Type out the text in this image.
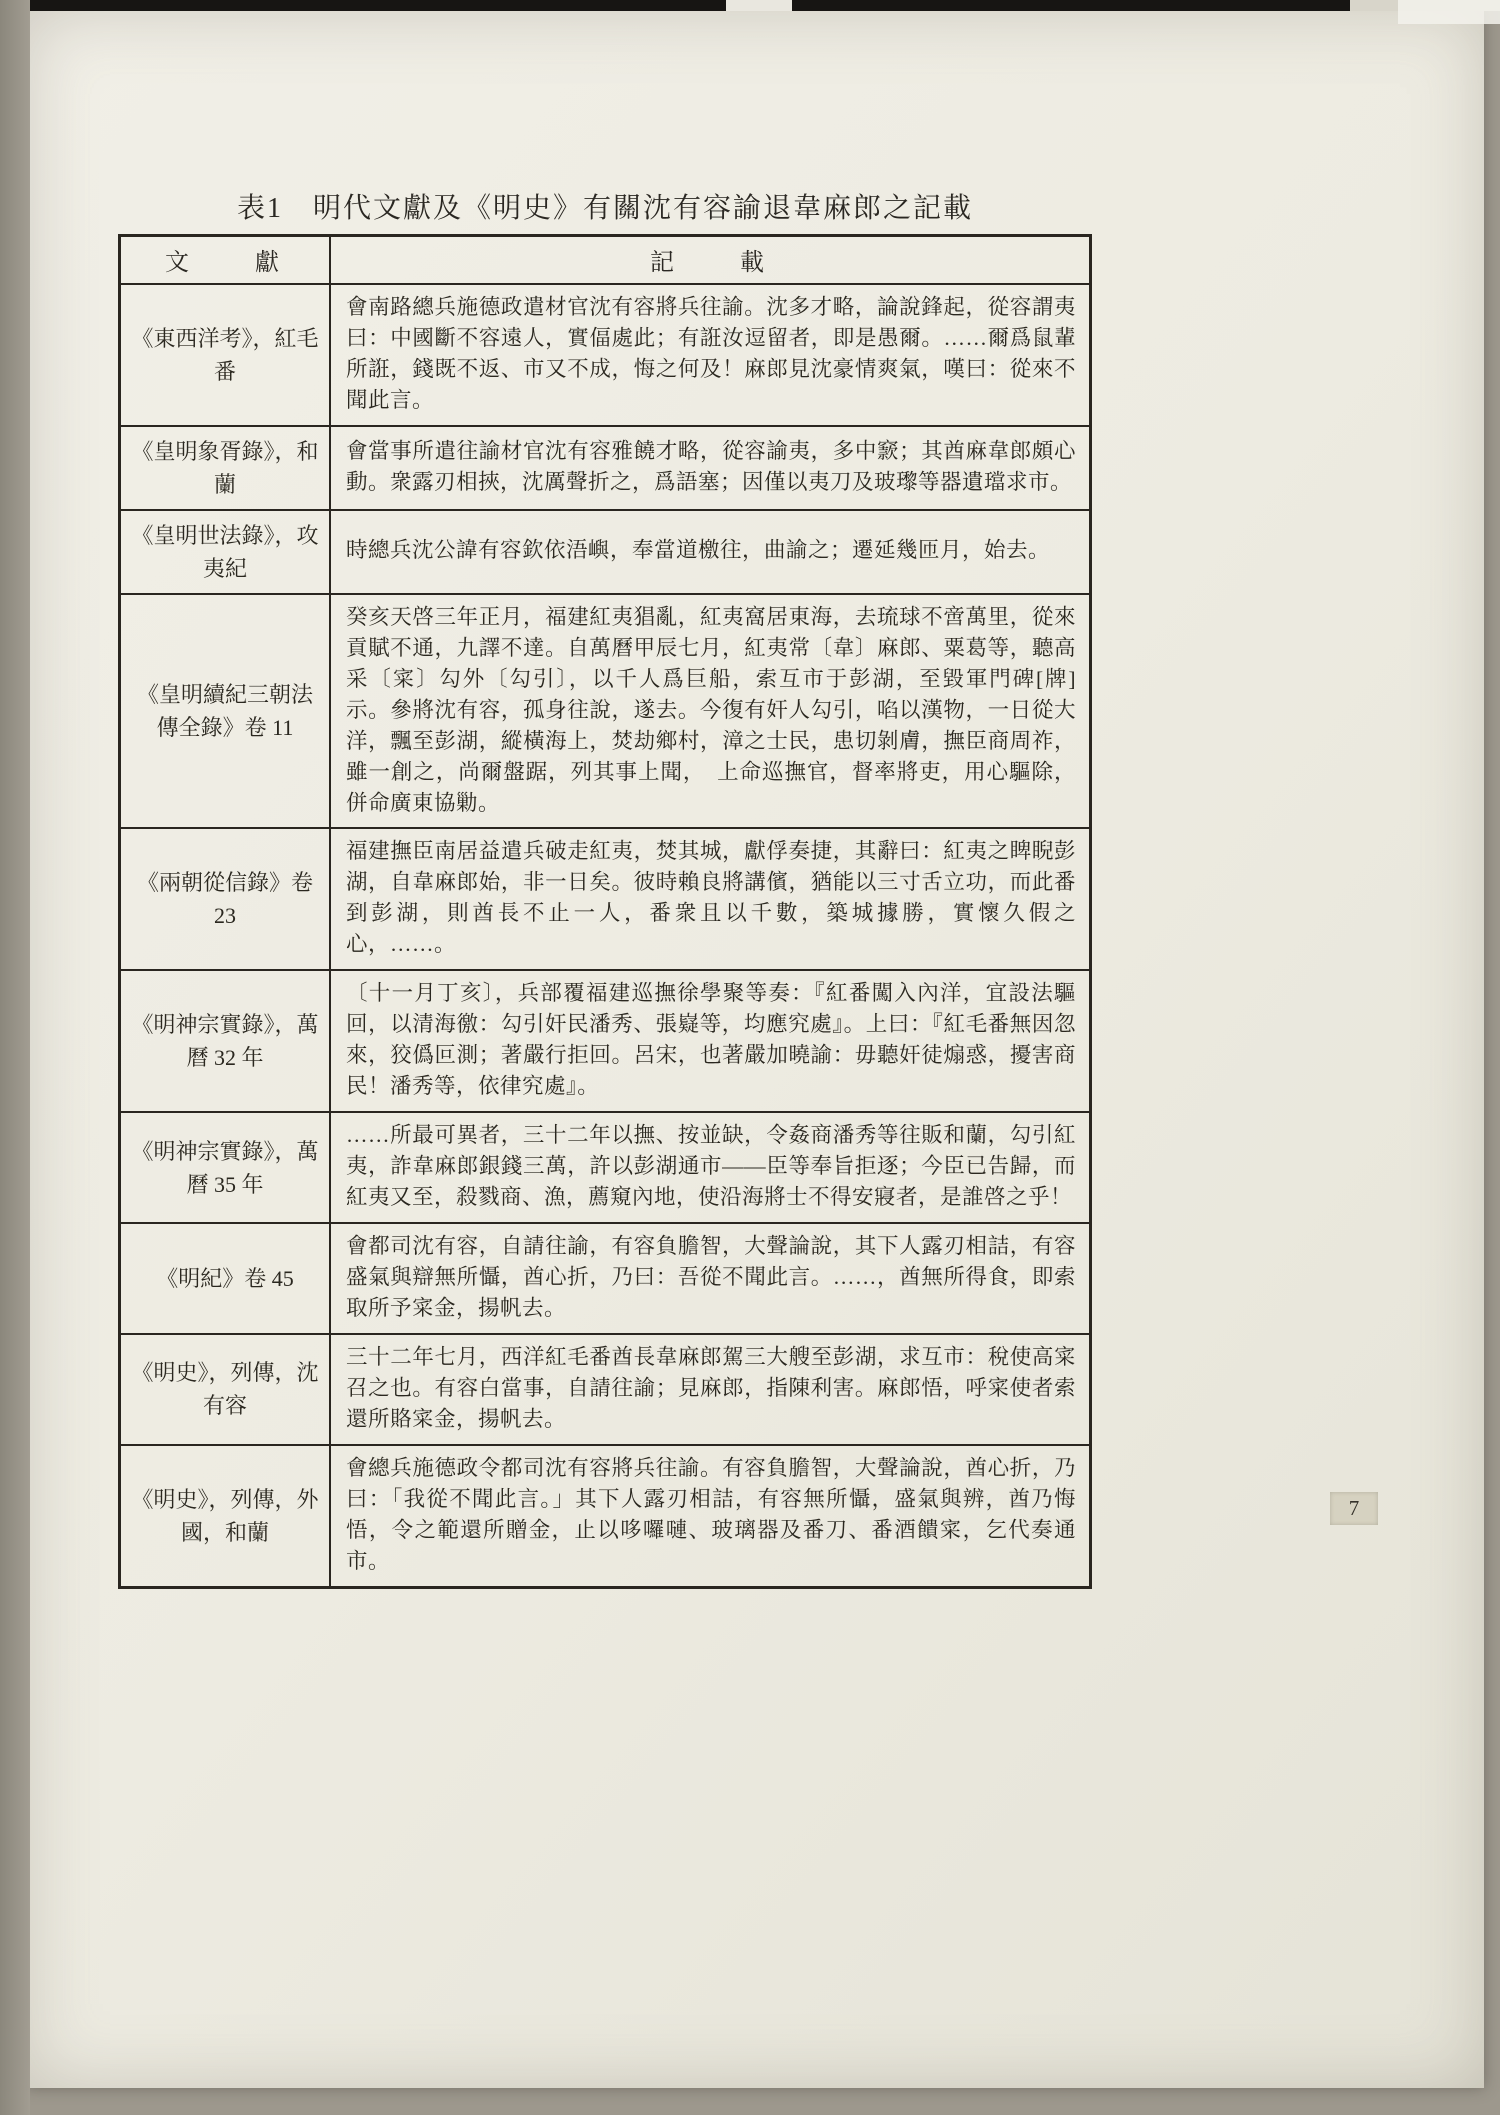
表1　明代文獻及《明史》有關沈有容諭退韋麻郎之記載
文　　獻	記　　載
《東西洋考》，紅毛番	會南路總兵施德政遣材官沈有容將兵往諭。沈多才略，論說鋒起，從容謂夷曰：中國斷不容遠人，實偪處此；有誑汝逗留者，即是愚爾。……爾爲鼠輩所誑，錢既不返、市又不成，悔之何及！麻郎見沈豪情爽氣，嘆曰：從來不聞此言。
《皇明象胥錄》，和蘭	會當事所遣往諭材官沈有容雅饒才略，從容諭夷，多中窾；其酋麻韋郎頗心動。衆露刃相挾，沈厲聲折之，爲語塞；因僅以夷刀及玻瓈等器遺璫求市。
《皇明世法錄》，攻夷紀	時總兵沈公諱有容欽依浯嶼，奉當道檄往，曲諭之；遷延幾匝月，始去。
《皇明續紀三朝法傳全錄》卷 11	癸亥天啓三年正月，福建紅夷猖亂，紅夷窩居東海，去琉球不啻萬里，從來貢賦不通，九譯不達。自萬曆甲辰七月，紅夷常〔韋〕麻郎、粟葛等，聽高采〔寀〕勾外〔勾引〕，以千人爲巨船，索互市于彭湖，至毀軍門碑[牌]示。參將沈有容，孤身往說，遂去。今復有奸人勾引，啗以漢物，一日從大洋，飄至彭湖，縱橫海上，焚劫鄉村，漳之士民，患切剝膚，撫臣商周祚，雖一創之，尚爾盤踞，列其事上聞，　上命巡撫官，督率將吏，用心驅除，併命廣東協勦。
《兩朝從信錄》卷 23	福建撫臣南居益遣兵破走紅夷，焚其城，獻俘奏捷，其辭曰：紅夷之睥睨彭湖，自韋麻郎始，非一日矣。彼時賴良將講儐，猶能以三寸舌立功，而此番到彭湖，則酋長不止一人，番衆且以千數，築城據勝，實懷久假之心，……。
《明神宗實錄》，萬曆 32 年	〔十一月丁亥〕，兵部覆福建巡撫徐學聚等奏：『紅番闖入內洋，宜設法驅回，以清海徼：勾引奸民潘秀、張嶷等，均應究處』。上曰：『紅毛番無因忽來，狡僞叵測；著嚴行拒回。呂宋，也著嚴加曉諭：毋聽奸徒煽惑，擾害商民！潘秀等，依律究處』。
《明神宗實錄》，萬曆 35 年	……所最可異者，三十二年以撫、按並缺，令姦商潘秀等往販和蘭，勾引紅夷，詐韋麻郎銀錢三萬，許以彭湖通市——臣等奉旨拒逐；今臣已告歸，而紅夷又至，殺戮商、漁，薦窺內地，使沿海將士不得安寢者，是誰啓之乎！
《明紀》卷 45	會都司沈有容，自請往諭，有容負膽智，大聲論說，其下人露刃相詰，有容盛氣與辯無所懾，酋心折，乃曰：吾從不聞此言。……，酋無所得食，即索取所予寀金，揚帆去。
《明史》，列傳，沈有容	三十二年七月，西洋紅毛番酋長韋麻郎駕三大艘至彭湖，求互市：稅使高寀召之也。有容白當事，自請往諭；見麻郎，指陳利害。麻郎悟，呼寀使者索還所賂寀金，揚帆去。
《明史》，列傳，外國，和蘭	會總兵施德政令都司沈有容將兵往諭。有容負膽智，大聲論說，酋心折，乃曰：「我從不聞此言。」其下人露刃相詰，有容無所懾，盛氣與辨，酋乃悔悟，令之範還所贈金，止以哆囉嗹、玻璃器及番刀、番酒饋寀，乞代奏通市。
7
